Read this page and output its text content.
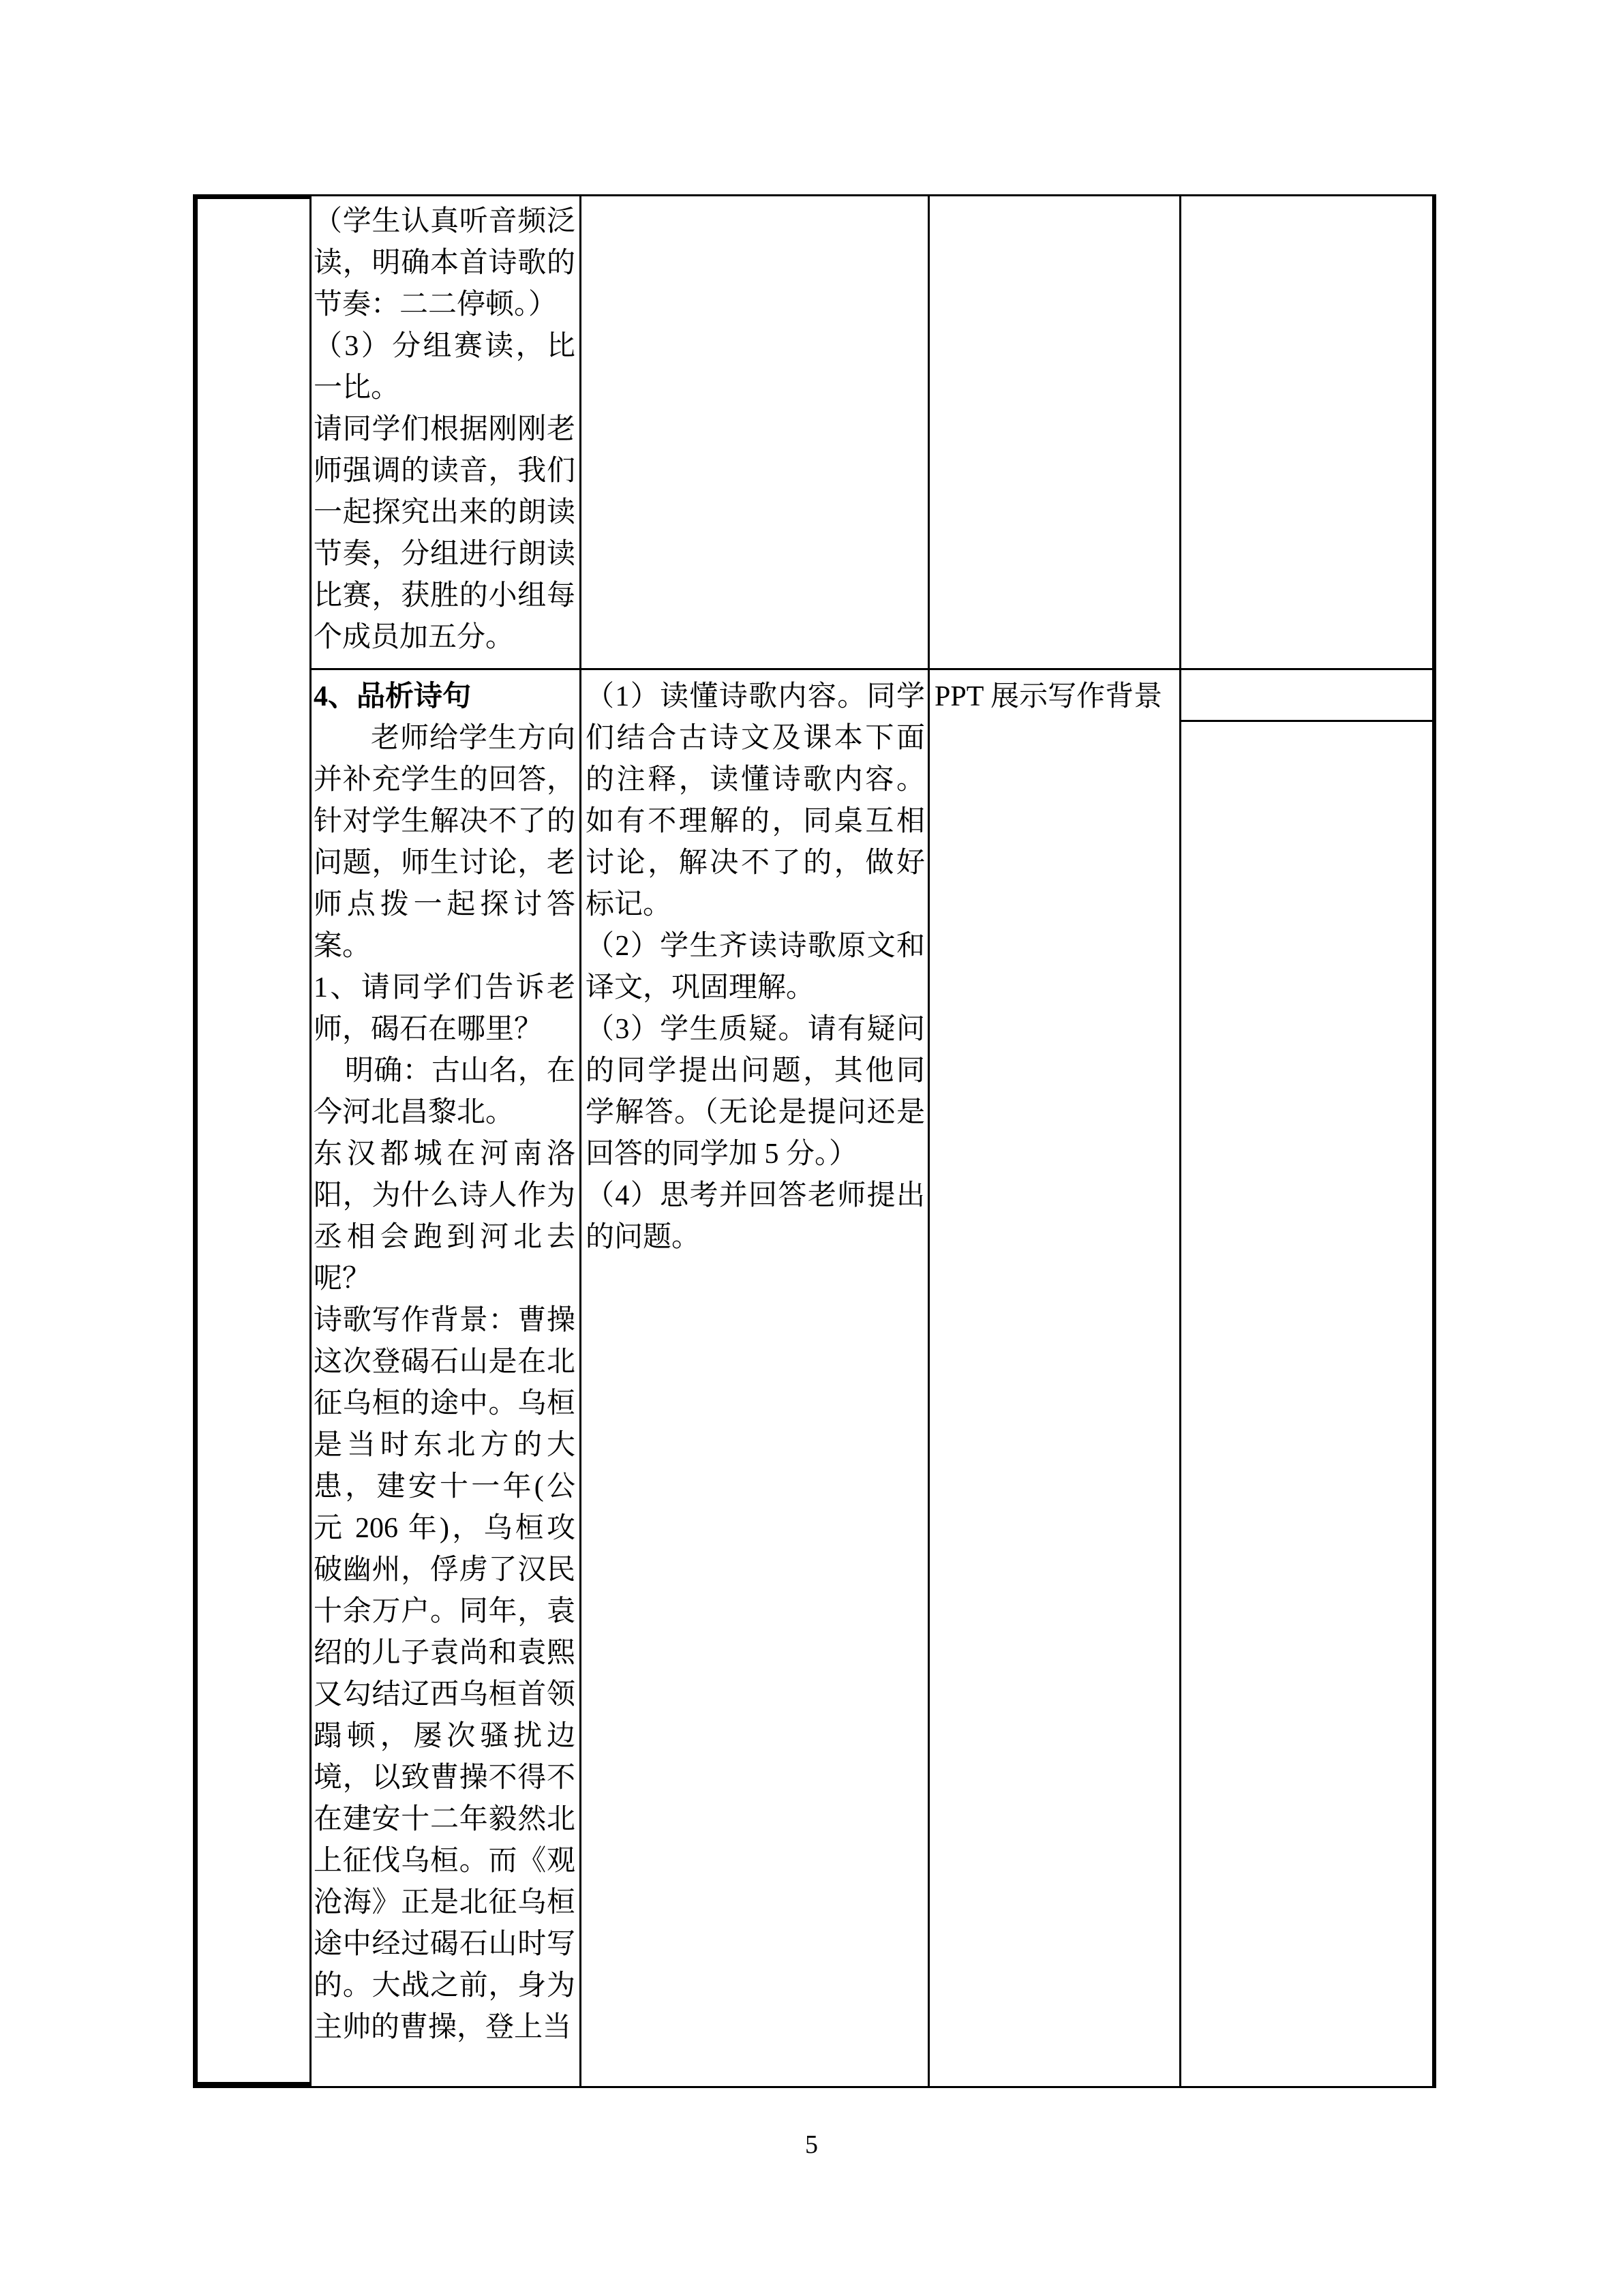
（学生认真听音频泛读，明确本首诗歌的节奏：二二停顿。）

（3）分组赛读，比一比。

请同学们根据刚刚老师强调的读音，我们一起探究出来的朗读节奏，分组进行朗读比赛，获胜的小组每个成员加五分。

4、品析诗句

老师给学生方向并补充学生的回答，针对学生解决不了的问题，师生讨论，老师点拨一起探讨答案。

1、请同学们告诉老师，碣石在哪里？

明确：古山名，在今河北昌黎北。

东汉都城在河南洛阳，为什么诗人作为丞相会跑到河北去呢？

诗歌写作背景：曹操这次登碣石山是在北征乌桓的途中。乌桓是当时东北方的大患，建安十一年(公元 206 年)，乌桓攻破幽州，俘虏了汉民十余万户。同年，袁绍的儿子袁尚和袁熙又勾结辽西乌桓首领蹋顿，屡次骚扰边境，以致曹操不得不在建安十二年毅然北上征伐乌桓。而《观沧海》正是北征乌桓途中经过碣石山时写的。大战之前，身为主帅的曹操，登上当

（1）读懂诗歌内容。同学们结合古诗文及课本下面的注释，读懂诗歌内容。如有不理解的，同桌互相讨论，解决不了的，做好标记。

（2）学生齐读诗歌原文和译文，巩固理解。

（3）学生质疑。请有疑问的同学提出问题，其他同学解答。（无论是提问还是回答的同学加 5 分。）

（4）思考并回答老师提出的问题。

PPT 展示写作背景

5
